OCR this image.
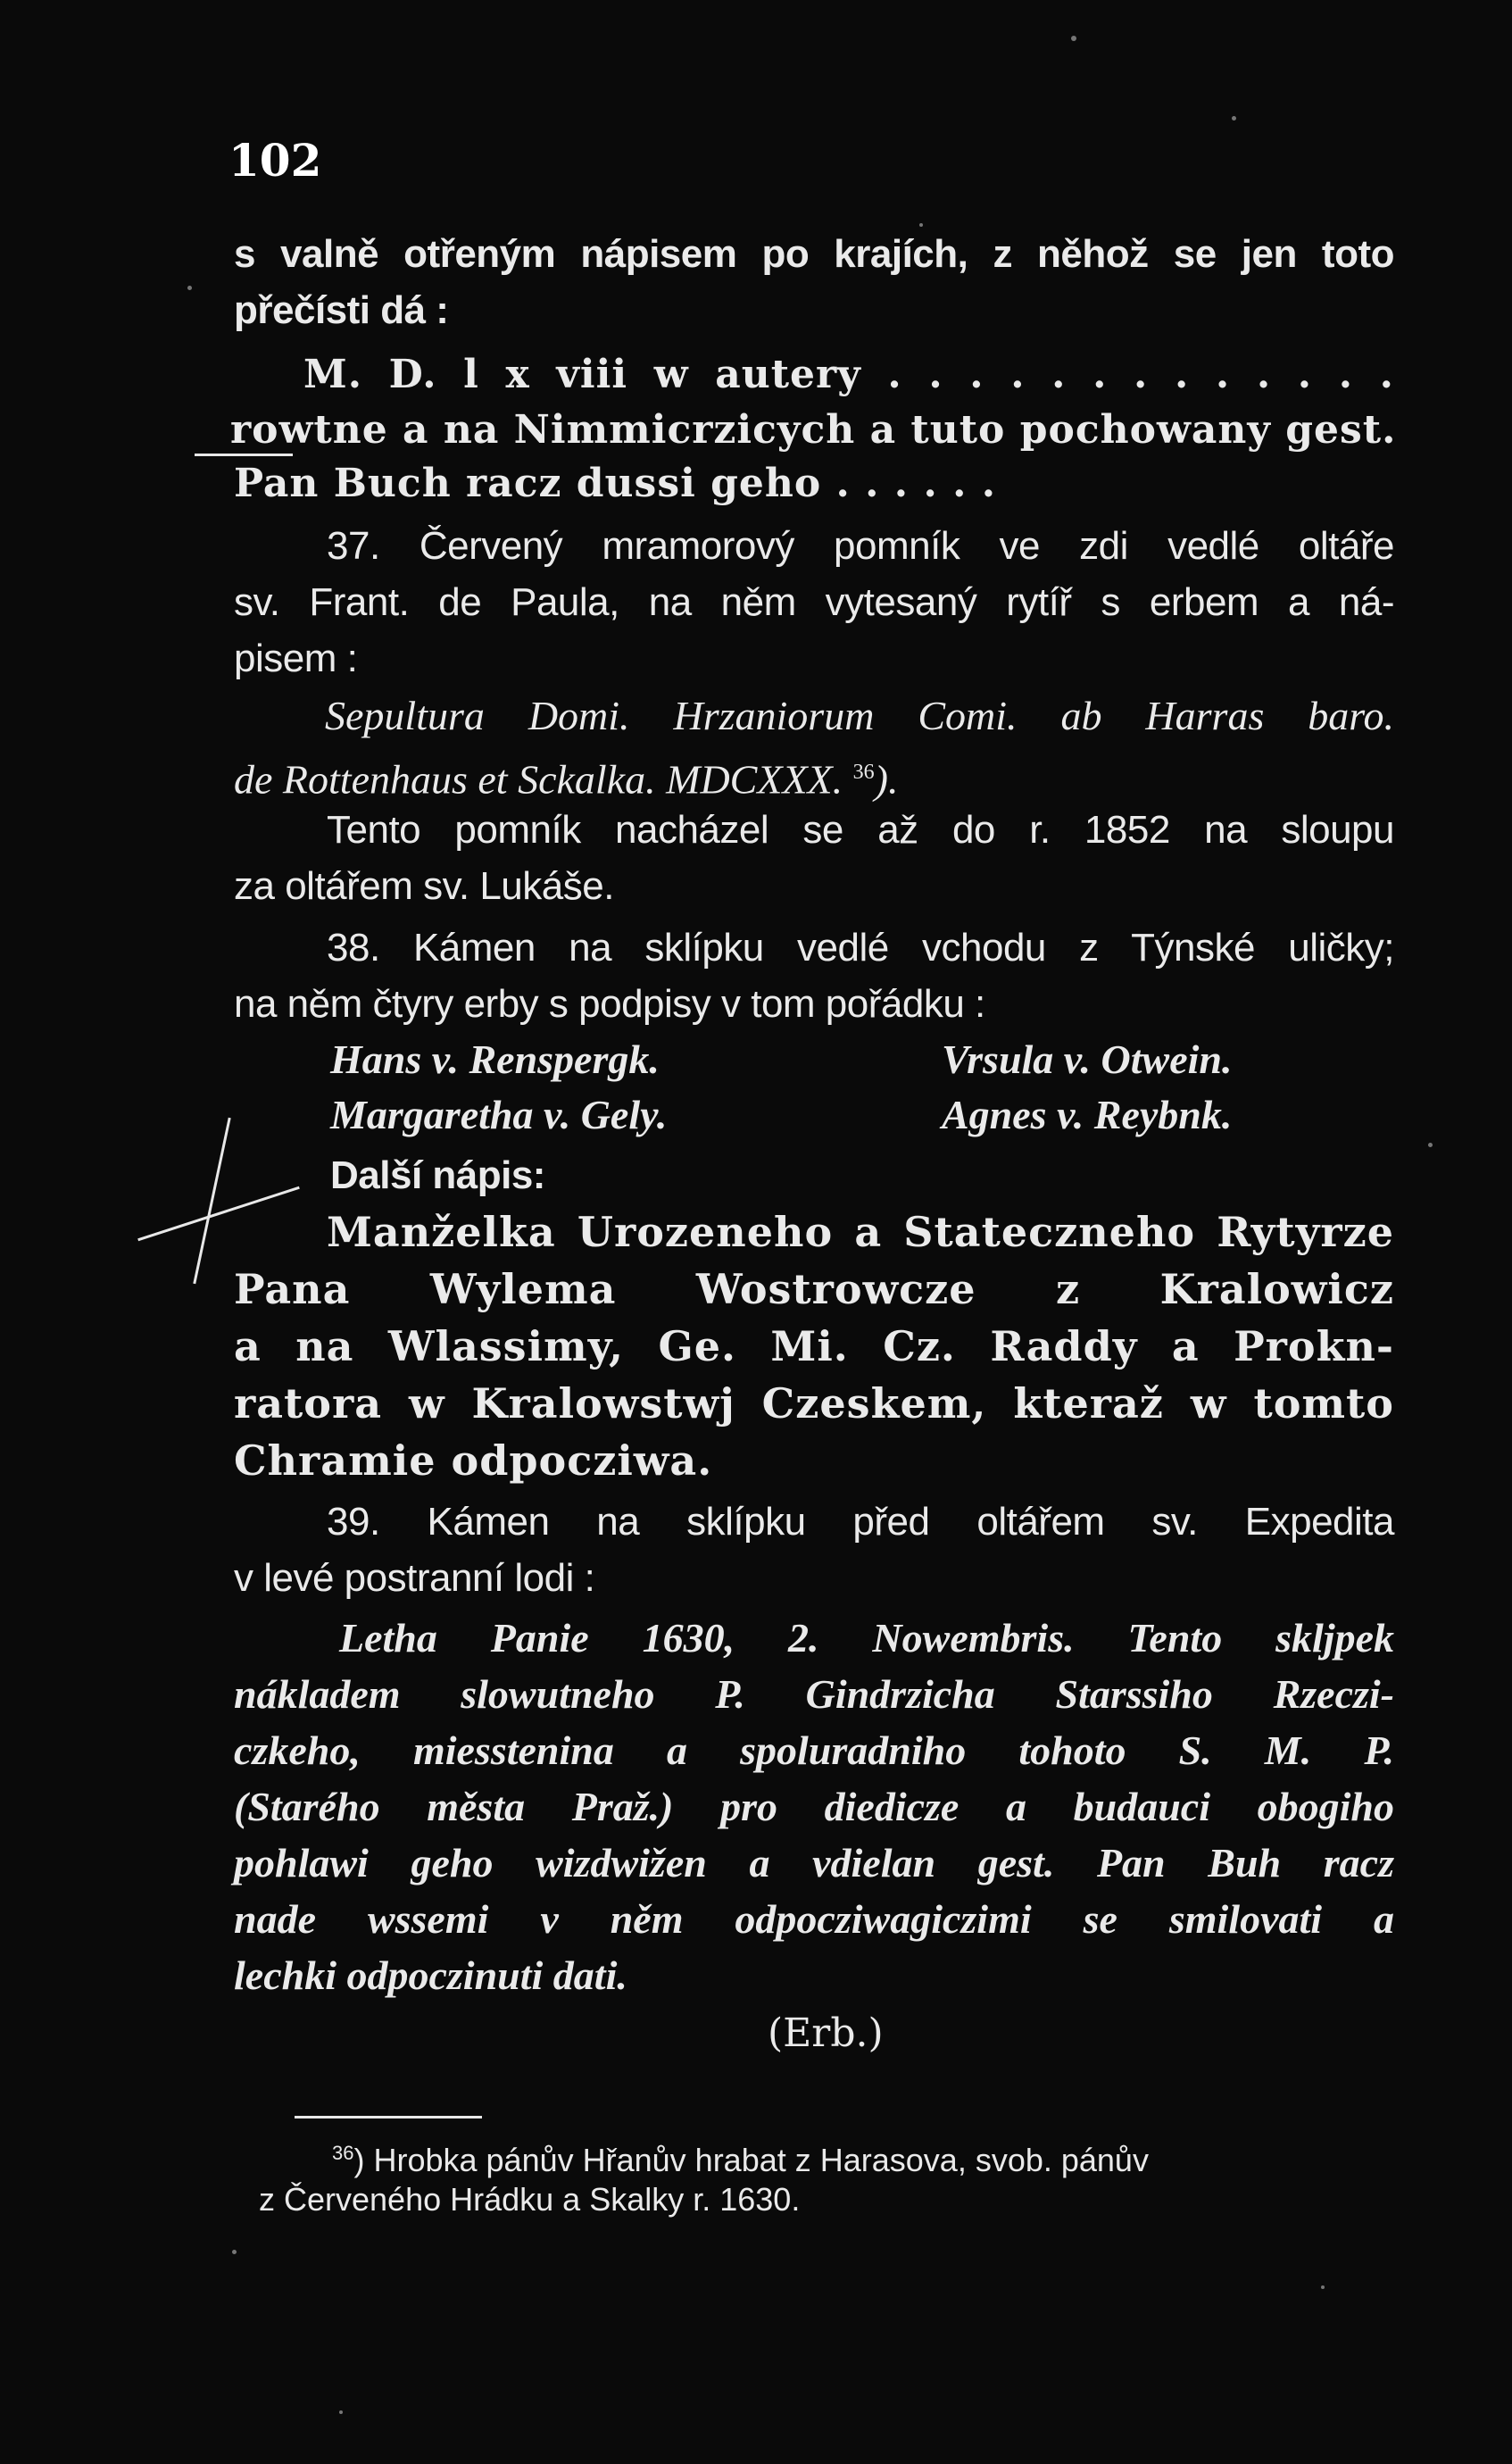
102
s valně otřeným nápisem po krajích, z něhož se jen toto
přečísti dá :
M. D. l x viii w autery . . . . . . . . . . . . .
rowtne a na Nimmicrzicych a tuto pochowany gest.
Pan Buch racz dussi geho . . . . . .
37. Červený mramorový pomník ve zdi vedlé oltáře
sv. Frant. de Paula, na něm vytesaný rytíř s erbem a ná-
pisem :
Sepultura Domi. Hrzaniorum Comi. ab Harras baro.
de Rottenhaus et Sckalka. MDCXXX. $^{36}$).
Tento pomník nacházel se až do r. 1852 na sloupu
za oltářem sv. Lukáše.
38. Kámen na sklípku vedlé vchodu z Týnské uličky;
na něm čtyry erby s podpisy v tom pořádku :
Hans v. Renspergk.	Vrsula v. Otwein.
Margaretha v. Gely.	Agnes v. Reybnk.
Další nápis:
Manželka Urozeneho a Stateczneho Rytyrze
Pana Wylema Wostrowcze z Kralowicz
a na Wlassimy, Ge. Mi. Cz. Raddy a Prokn-
ratora w Kralowstwj Czeskem, kteraž w tomto
Chramie odpocziwa.
39. Kámen na sklípku před oltářem sv. Expedita
v levé postranní lodi :
Letha Panie 1630, 2. Nowembris. Tento skljpek
nákladem slowutneho P. Gindrzicha Starssiho Rzeczi-
czkeho, miesstenina a spoluradniho tohoto S. M. P.
(Starého města Praž.) pro diedicze a budauci obogiho
pohlawi geho wizdwižen a vdielan gest. Pan Buh racz
nade wssemi v něm odpocziwagiczimi se smilovati a
lechki odpoczinuti dati.
(Erb.)
$^{36}$) Hrobka pánův Hřanův hrabat z Harasova, svob. pánův
z Červeného Hrádku a Skalky r. 1630.
